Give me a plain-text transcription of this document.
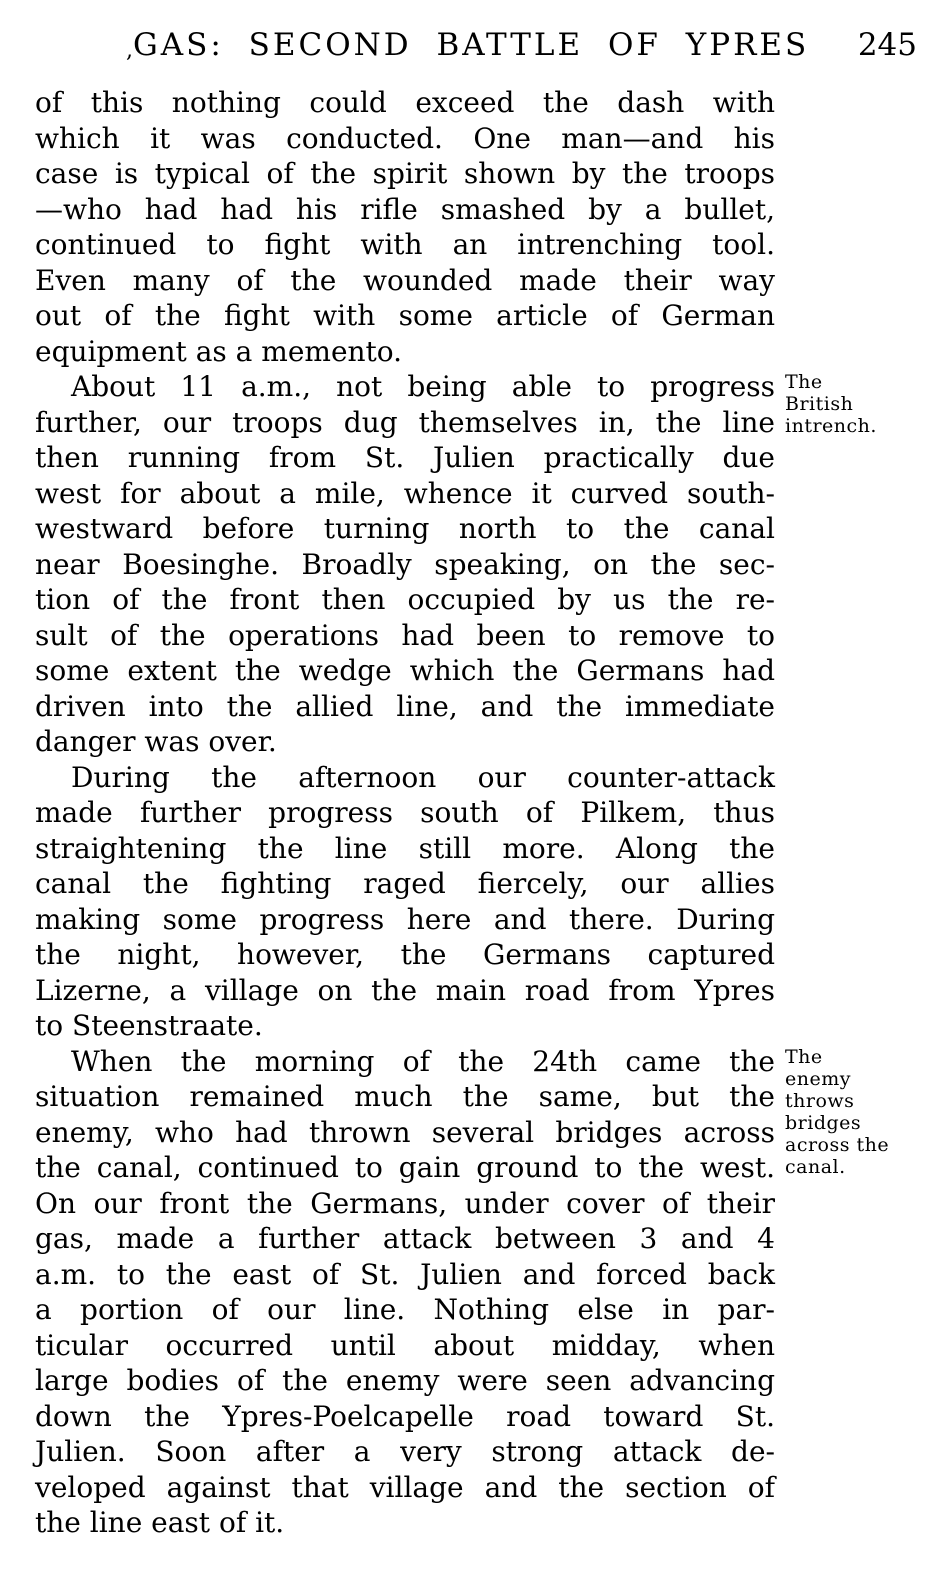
,GAS: SECOND BATTLE OF YPRES 245
of this nothing could exceed the dash with
which it was conducted. One man—and his
case is typical of the spirit shown by the troops
—who had had his rifle smashed by a bullet,
continued to fight with an intrenching tool.
Even many of the wounded made their way
out of the fight with some article of German
equipment as a memento.
About 11 a.m., not being able to progress
further, our troops dug themselves in, the line
then running from St. Julien practically due
west for about a mile, whence it curved south-
westward before turning north to the canal
near Boesinghe. Broadly speaking, on the sec-
tion of the front then occupied by us the re-
sult of the operations had been to remove to
some extent the wedge which the Germans had
driven into the allied line, and the immediate
danger was over.
The
British
intrench.
During the afternoon our counter-attack
made further progress south of Pilkem, thus
straightening the line still more. Along the
canal the fighting raged fiercely, our allies
making some progress here and there. During
the night, however, the Germans captured
Lizerne, a village on the main road from Ypres
to Steenstraate.
When the morning of the 24th came the
situation remained much the same, but the
enemy, who had thrown several bridges across
the canal, continued to gain ground to the west.
On our front the Germans, under cover of their
gas, made a further attack between 3 and 4
a.m. to the east of St. Julien and forced back
a portion of our line. Nothing else in par-
ticular occurred until about midday, when
large bodies of the enemy were seen advancing
down the Ypres-Poelcapelle road toward St.
Julien. Soon after a very strong attack de-
veloped against that village and the section of
the line east of it.
The
enemy
throws
bridges
across the
canal.
